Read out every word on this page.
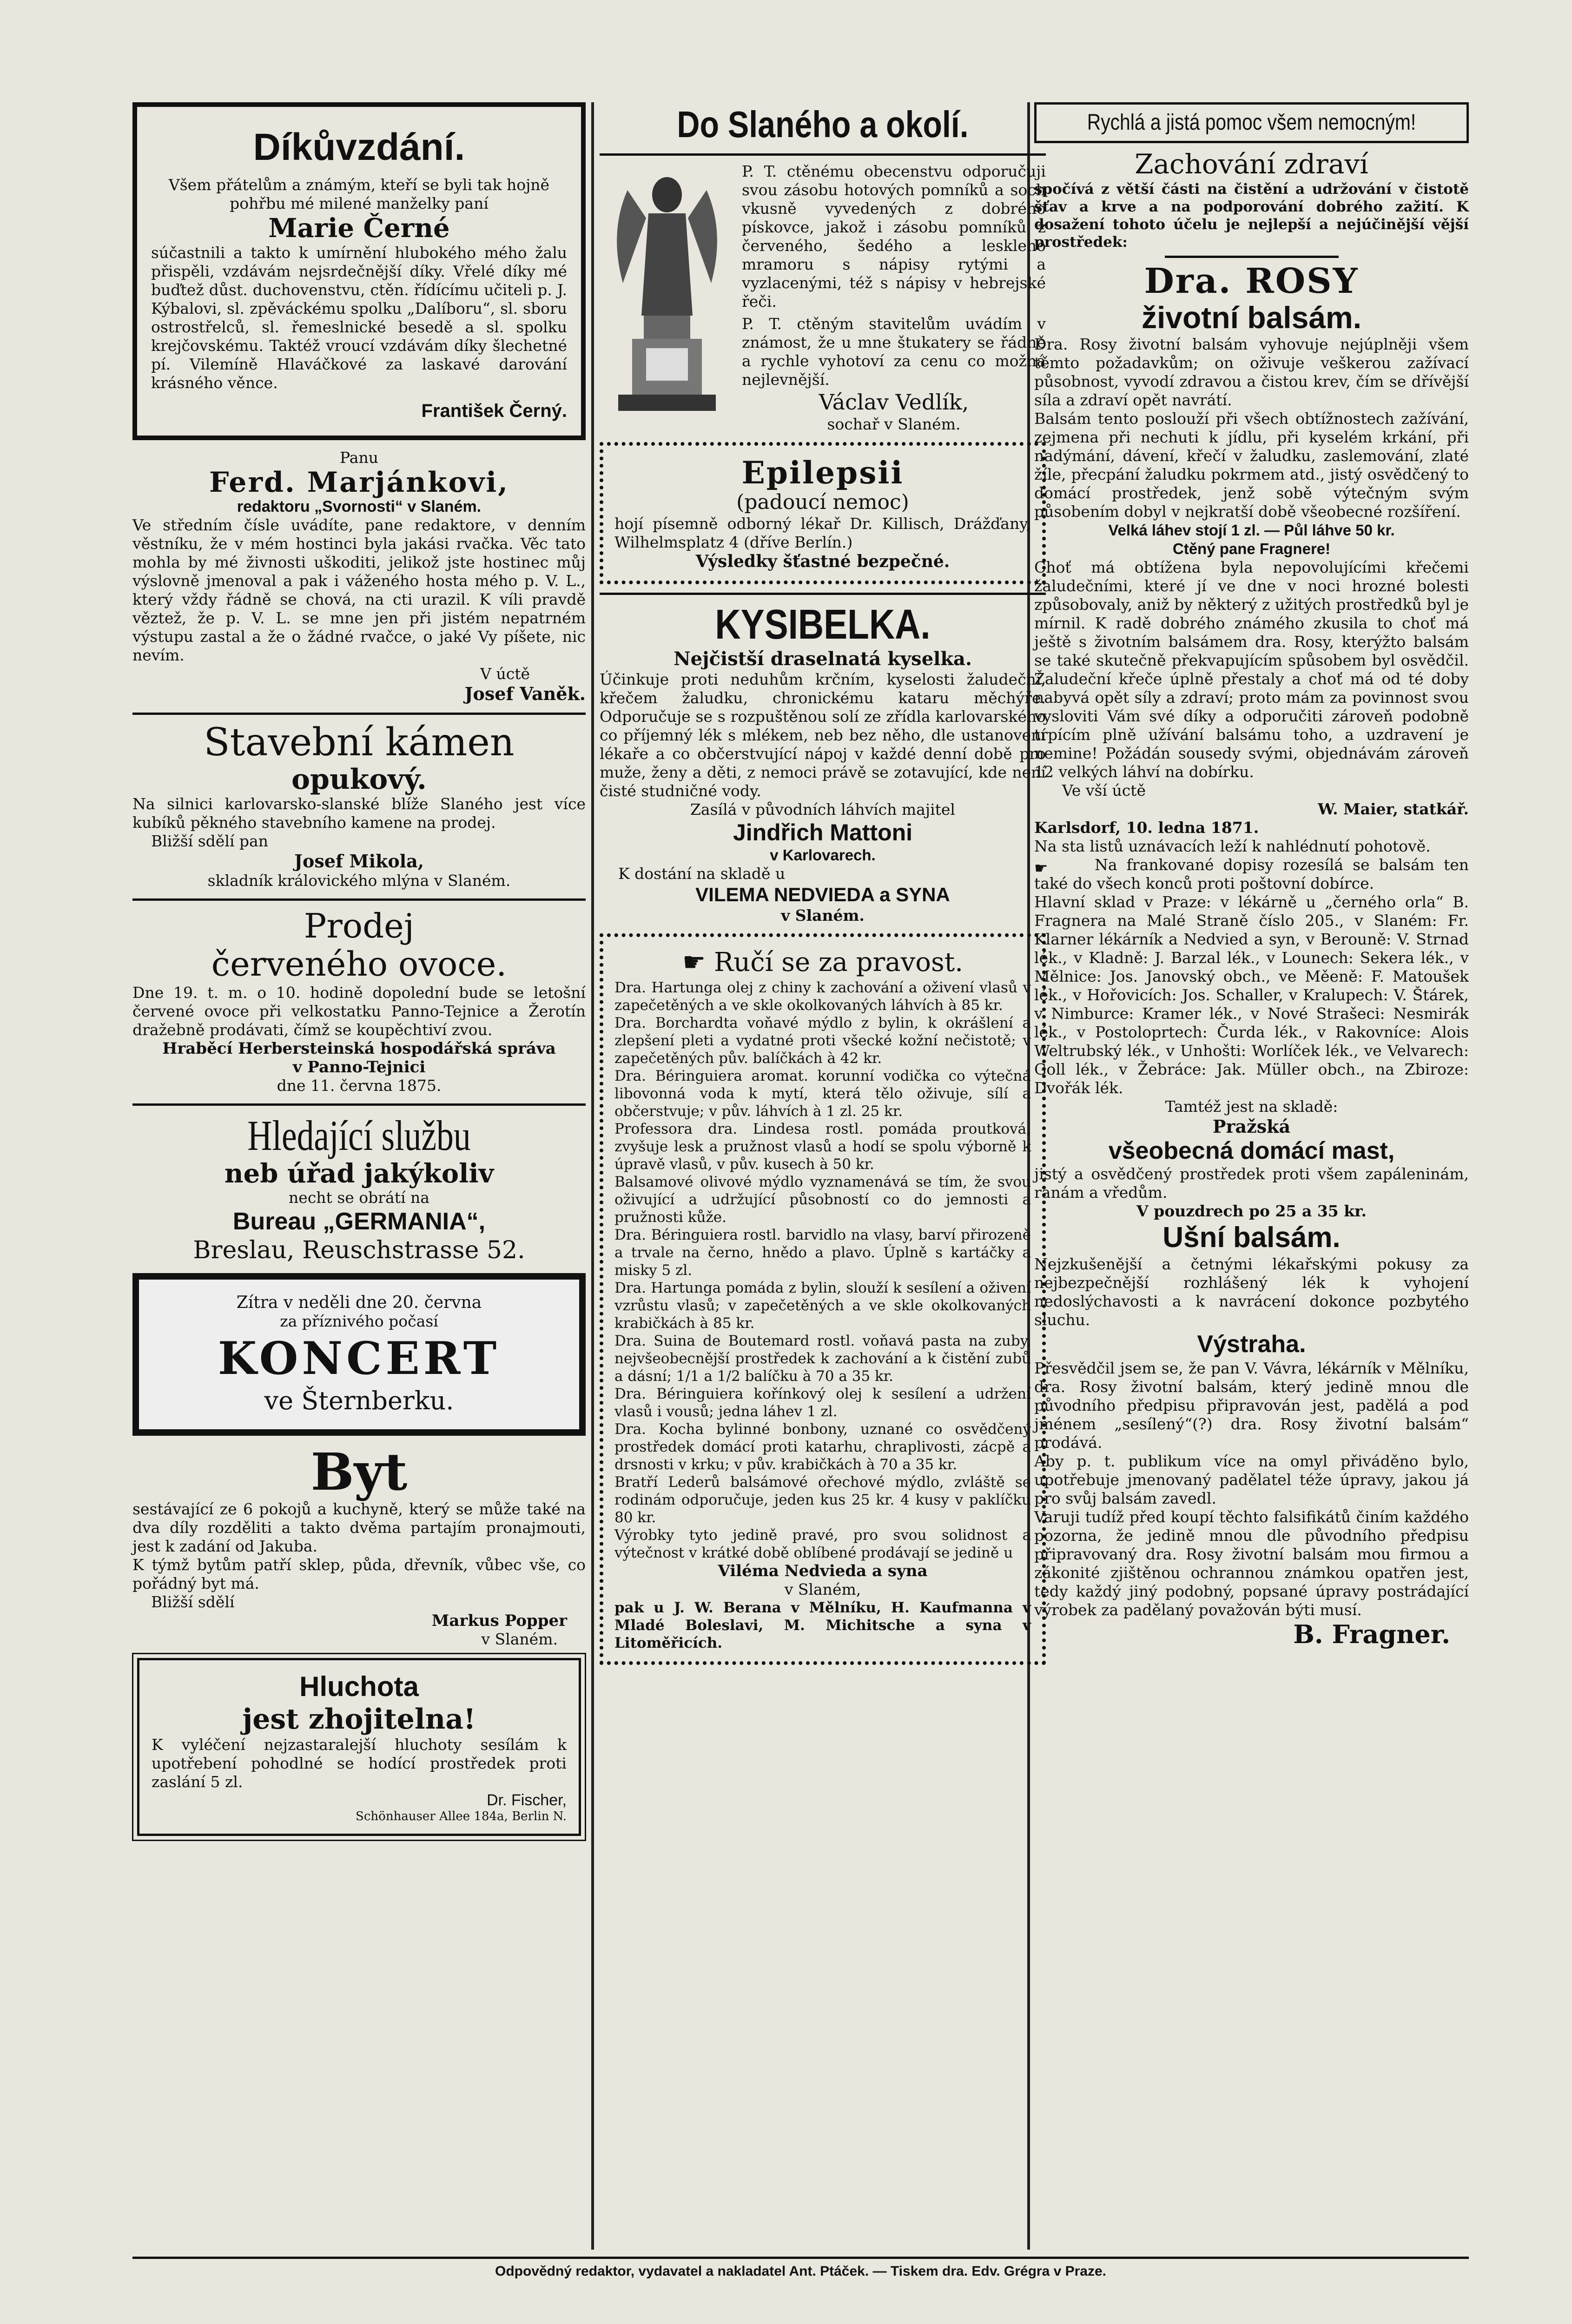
Díkůvzdání.

Všem přátelům a známým, kteří se byli tak hojně pohřbu mé milené manželky paní

Marie Černé

súčastnili a takto k umírnění hlubokého mého žalu přispěli, vzdávám nejsrdečnější díky. Vřelé díky mé buďtež důst. duchovenstvu, ctěn. řídícímu učiteli p. J. Kýbalovi, sl. zpěváckému spolku „Dalíboru“, sl. sboru ostrostřelců, sl. řemeslnické besedě a sl. spolku krejčovskému. Taktéž vroucí vzdávám díky šlechetné pí. Vilemíně Hlaváčkové za laskavé darování krásného věnce.

František Černý.

Panu

Ferd. Marjánkovi,

redaktoru „Svornosti“ v Slaném.

Ve středním čísle uvádíte, pane redaktore, v denním věstníku, že v mém hostinci byla jakási rvačka. Věc tato mohla by mé živnosti uškoditi, jelikož jste hostinec můj výslovně jmenoval a pak i váženého hosta mého p. V. L., který vždy řádně se chová, na cti urazil. K víli pravdě věztež, že p. V. L. se mne jen při jistém nepatrném výstupu zastal a že o žádné rvačce, o jaké Vy píšete, nic nevím.

V úctě

Josef Vaněk.

Stavební kámen

opukový.

Na silnici karlovarsko-slanské blíže Slaného jest více kubíků pěkného stavebního kamene na prodej.

Bližší sdělí pan

Josef Mikola,

skladník královického mlýna v Slaném.

Prodej

červeného ovoce.

Dne 19. t. m. o 10. hodině dopolední bude se letošní červené ovoce při velkostatku Panno-Tejnice a Žerotín dražebně prodávati, čímž se koupěchtiví zvou.

Hraběcí Herbersteinská hospodářská správa

v Panno-Tejnici

dne 11. června 1875.

Hledající službu

neb úřad jakýkoliv

necht se obrátí na

Bureau „GERMANIA“,

Breslau, Reuschstrasse 52.

Zítra v neděli dne 20. června

za příznivého počasí

KONCERT

ve Šternberku.

Byt

sestávající ze 6 pokojů a kuchyně, který se může také na dva díly rozděliti a takto dvěma partajím pronajmouti, jest k zadání od Jakuba.

K týmž bytům patří sklep, půda, dřevník, vůbec vše, co pořádný byt má.

Bližší sdělí

Markus Popper

v Slaném.

Hluchota

jest zhojitelna!

K vyléčení nejzastaralejší hluchoty sesílám k upotřebení pohodlné se hodící prostředek proti zaslání 5 zl.

Dr. Fischer,

Schönhauser Allee 184a, Berlin N.

Do Slaného a okolí.

P. T. ctěnému obecenstvu odporučuji svou zásobu hotových pomníků a soch vkusně vyvedených z dobrého pískovce, jakož i zásobu pomníků z červeného, šedého a leskleho mramoru s nápisy rytými a vyzlacenými, též s nápisy v hebrejské řeči.

P. T. ctěným stavitelům uvádím v známost, že u mne štukatery se řádně a rychle vyhotoví za cenu co možná nejlevnější.

Václav Vedlík,

sochař v Slaném.

Epilepsii

(padoucí nemoc)

hojí písemně odborný lékař Dr. Killisch, Drážďany, Wilhelmsplatz 4 (dříve Berlín.)

Výsledky šťastné bezpečné.

KYSIBELKA.

Nejčistší draselnatá kyselka.

Účinkuje proti neduhům krčním, kyselosti žaludeční, křečem žaludku, chronickému kataru měchýře. Odporučuje se s rozpuštěnou solí ze zřídla karlovarského co příjemný lék s mlékem, neb bez něho, dle ustanovení lékaře a co občerstvující nápoj v každé denní době pro muže, ženy a děti, z nemoci právě se zotavující, kde není čisté studničné vody.

Zasílá v původních láhvích majitel

Jindřich Mattoni

v Karlovarech.

K dostání na skladě u

VILEMA NEDVIEDA a SYNA

v Slaném.

☛ Ručí se za pravost.

Dra. Hartunga olej z chiny k zachování a oživení vlasů v zapečetěných a ve skle okolkovaných láhvích à 85 kr.

Dra. Borchardta voňavé mýdlo z bylin, k okrášlení a zlepšení pleti a vydatné proti všecké kožní nečistotě; v zapečetěných pův. balíčkách à 42 kr.

Dra. Béringuiera aromat. korunní vodička co výtečná libovonná voda k mytí, která tělo oživuje, sílí a občerstvuje; v pův. láhvích à 1 zl. 25 kr.

Professora dra. Lindesa rostl. pomáda proutková, zvyšuje lesk a pružnost vlasů a hodí se spolu výborně k úpravě vlasů, v pův. kusech à 50 kr.

Balsamové olivové mýdlo vyznamenává se tím, že svou oživující a udržující působností co do jemnosti a pružnosti kůže.

Dra. Béringuiera rostl. barvidlo na vlasy, barví přirozeně a trvale na černo, hnědo a plavo. Úplně s kartáčky a misky 5 zl.

Dra. Hartunga pomáda z bylin, slouží k sesílení a oživení vzrůstu vlasů; v zapečetěných a ve skle okolkovaných krabičkách à 85 kr.

Dra. Suina de Boutemard rostl. voňavá pasta na zuby, nejvšeobecnější prostředek k zachování a k čistění zubů a dásní; 1/1 a 1/2 balíčku à 70 a 35 kr.

Dra. Béringuiera kořínkový olej k sesílení a udržení vlasů i vousů; jedna láhev 1 zl.

Dra. Kocha bylinné bonbony, uznané co osvědčený prostředek domácí proti katarhu, chraplivosti, zácpě a drsnosti v krku; v pův. krabičkách à 70 a 35 kr.

Bratří Lederů balsámové ořechové mýdlo, zvláště se rodinám odporučuje, jeden kus 25 kr. 4 kusy v paklíčku 80 kr.

Výrobky tyto jedině pravé, pro svou solidnost a výtečnost v krátké době oblíbené prodávají se jedině u

Viléma Nedvieda a syna

v Slaném,

pak u J. W. Berana v Mělníku, H. Kaufmanna v Mladé Boleslavi, M. Michitsche a syna v Litoměřicích.

Rychlá a jistá pomoc všem nemocným!

Zachování zdraví

spočívá z větší části na čistění a udržování v čistotě šťav a krve a na podporování dobrého zažití. K dosažení tohoto účelu je nejlepší a nejúčinější vější prostředek:

Dra. ROSY

životní balsám.

Dra. Rosy životní balsám vyhovuje nejúplněji všem těmto požadavkům; on oživuje veškerou zažívací působnost, vyvodí zdravou a čistou krev, čím se dřívější síla a zdraví opět navrátí.

Balsám tento poslouží při všech obtížnostech zažívání, zejmena při nechuti k jídlu, při kyselém krkání, při nadýmání, dávení, křečí v žaludku, zaslemování, zlaté žíle, přecpání žaludku pokrmem atd., jistý osvědčený to domácí prostředek, jenž sobě výtečným svým působením dobyl v nejkratší době všeobecné rozšíření.

Velká láhev stojí 1 zl. — Půl láhve 50 kr.

Ctěný pane Fragnere!

Choť má obtížena byla nepovolujícími křečemi žaludečními, které jí ve dne v noci hrozné bolesti způsobovaly, aniž by některý z užitých prostředků byl je mírnil. K radě dobrého známého zkusila to choť má ještě s životním balsámem dra. Rosy, kterýžto balsám se také skutečně překvapujícím spůsobem byl osvědčil. Žaludeční křeče úplně přestaly a choť má od té doby nabyvá opět síly a zdraví; proto mám za povinnost svou vysloviti Vám své díky a odporučiti zároveň podobně trpícím plně užívání balsámu toho, a uzdravení je nemine! Požádán sousedy svými, objednávám zároveň 12 velkých láhví na dobírku.

Ve vší úctě

W. Maier, statkář.

Karlsdorf, 10. ledna 1871.

Na sta listů uznávacích leží k nahlédnutí pohotově.

☛	Na frankované dopisy rozesílá se balsám ten také do všech konců proti poštovní dobírce.

Hlavní sklad v Praze: v lékárně u „černého orla“ B. Fragnera na Malé Straně číslo 205., v Slaném: Fr. Klarner lékárník a Nedvied a syn, v Berouně: V. Strnad lék., v Kladně: J. Barzal lék., v Lounech: Sekera lék., v Mělnice: Jos. Janovský obch., ve Měeně: F. Matoušek lék., v Hořovicích: Jos. Schaller, v Kralupech: V. Štárek, v Nimburce: Kramer lék., v Nové Strašeci: Nesmirák lék., v Postoloprtech: Čurda lék., v Rakovníce: Alois Weltrubský lék., v Unhošti: Worlíček lék., ve Velvarech: Goll lék., v Žebráce: Jak. Müller obch., na Zbiroze: Dvořák lék.

Tamtéž jest na skladě:

Pražská

všeobecná domácí mast,

jistý a osvědčený prostředek proti všem zapáleninám, ranám a vředům.

V pouzdrech po 25 a 35 kr.

Ušní balsám.

Nejzkušenější a četnými lékařskými pokusy za nejbezpečnější rozhlášený lék k vyhojení nedoslýchavosti a k navrácení dokonce pozbytého sluchu.

Výstraha.

Přesvědčil jsem se, že pan V. Vávra, lékárník v Mělníku, dra. Rosy životní balsám, který jedině mnou dle původního předpisu připravován jest, padělá a pod jménem „sesílený“(?) dra. Rosy životní balsám“ prodává.

Aby p. t. publikum více na omyl přiváděno bylo, upotřebuje jmenovaný padělatel téže úpravy, jakou já pro svůj balsám zavedl.

Varuji tudíž před koupí těchto falsifikátů činím každého pozorna, že jedině mnou dle původního předpisu připravovaný dra. Rosy životní balsám mou firmou a zákonité zjištěnou ochrannou známkou opatřen jest, tedy každý jiný podobný, popsané úpravy postrádající výrobek za padělaný považován býti musí.

B. Fragner.

Odpovědný redaktor, vydavatel a nakladatel Ant. Ptáček. — Tiskem dra. Edv. Grégra v Praze.
